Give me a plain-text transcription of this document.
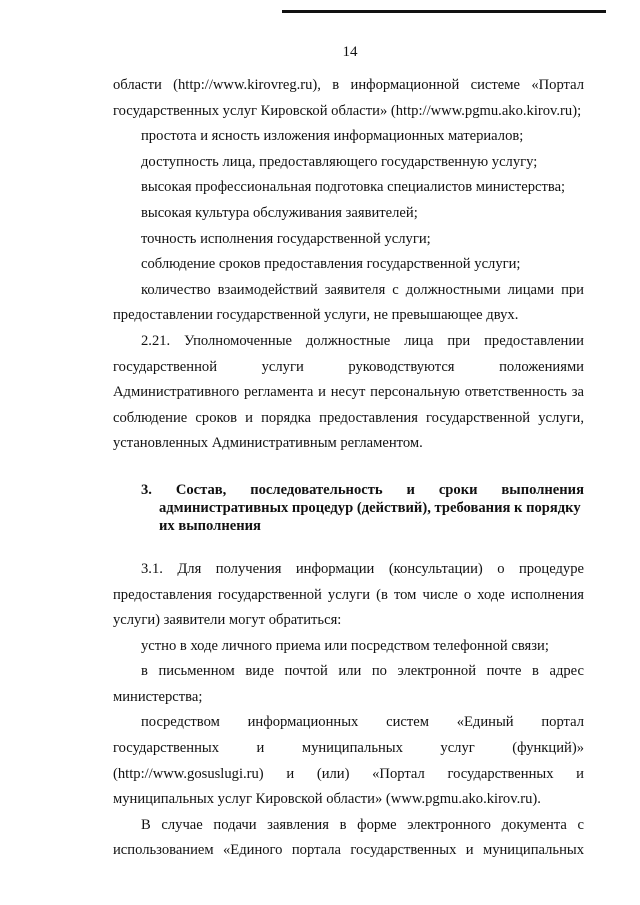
14

области (http://www.kirovreg.ru), в информационной системе «Портал государственных услуг Кировской области» (http://www.pgmu.ako.kirov.ru);

простота и ясность изложения информационных материалов;

доступность лица, предоставляющего государственную услугу;

высокая профессиональная подготовка специалистов министерства;

высокая культура обслуживания заявителей;

точность исполнения государственной услуги;

соблюдение сроков предоставления государственной услуги;

количество взаимодействий заявителя с должностными лицами при предоставлении государственной услуги, не превышающее двух.

2.21. Уполномоченные должностные лица при предоставлении государственной услуги руководствуются положениями Административного регламента и несут персональную ответственность за соблюдение сроков и порядка предоставления государственной услуги, установленных Административным регламентом.

3. Состав, последовательность и сроки выполнения
административных процедур (действий), требования к порядку
их выполнения

3.1. Для получения информации (консультации) о процедуре предоставления государственной услуги (в том числе о ходе исполнения услуги) заявители могут обратиться:

устно в ходе личного приема или посредством телефонной связи;

в письменном виде почтой или по электронной почте в адрес министерства;

посредством информационных систем «Единый портал государственных и муниципальных услуг (функций)» (http://www.gosuslugi.ru) и (или) «Портал государственных и муниципальных услуг Кировской области» (www.pgmu.ako.kirov.ru).

В случае подачи заявления в форме электронного документа с использованием «Единого портала государственных и муниципальных
